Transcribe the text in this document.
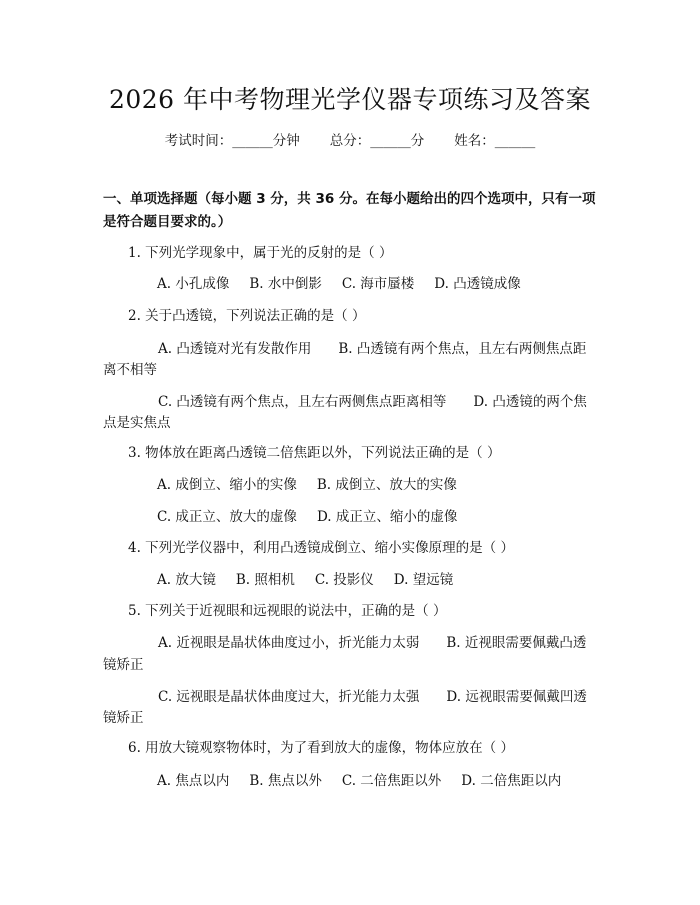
2026 年中考物理光学仪器专项练习及答案
考试时间：______分钟 总分：______分 姓名：______
一、单项选择题（每小题 3 分，共 36 分。在每小题给出的四个选项中，只有一项
是符合题目要求的。）
1. 下列光学现象中，属于光的反射的是（ ）
A. 小孔成像 B. 水中倒影 C. 海市蜃楼 D. 凸透镜成像
2. 关于凸透镜，下列说法正确的是（ ）
A. 凸透镜对光有发散作用　　B. 凸透镜有两个焦点，且左右两侧焦点距
离不相等
C. 凸透镜有两个焦点，且左右两侧焦点距离相等　　D. 凸透镜的两个焦
点是实焦点
3. 物体放在距离凸透镜二倍焦距以外，下列说法正确的是（ ）
A. 成倒立、缩小的实像 B. 成倒立、放大的实像
C. 成正立、放大的虚像 D. 成正立、缩小的虚像
4. 下列光学仪器中，利用凸透镜成倒立、缩小实像原理的是（ ）
A. 放大镜 B. 照相机 C. 投影仪 D. 望远镜
5. 下列关于近视眼和远视眼的说法中，正确的是（ ）
A. 近视眼是晶状体曲度过小，折光能力太弱　　B. 近视眼需要佩戴凸透
镜矫正
C. 远视眼是晶状体曲度过大，折光能力太强　　D. 远视眼需要佩戴凹透
镜矫正
6. 用放大镜观察物体时，为了看到放大的虚像，物体应放在（ ）
A. 焦点以内 B. 焦点以外 C. 二倍焦距以外 D. 二倍焦距以内
